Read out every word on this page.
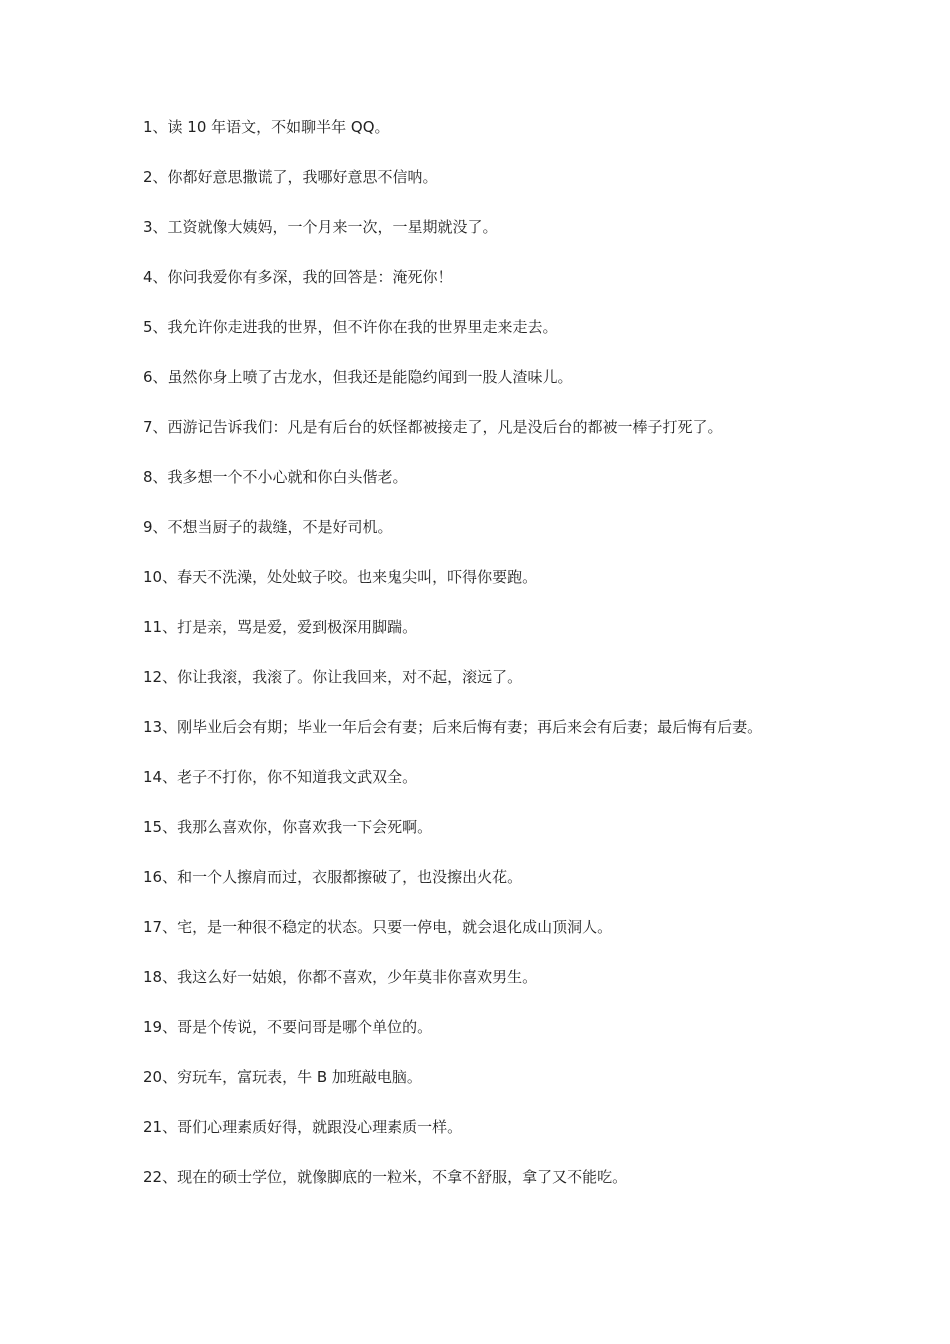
1、读 10 年语文，不如聊半年 QQ。

2、你都好意思撒谎了，我哪好意思不信呐。

3、工资就像大姨妈，一个月来一次，一星期就没了。

4、你问我爱你有多深，我的回答是：淹死你！

5、我允许你走进我的世界，但不许你在我的世界里走来走去。

6、虽然你身上喷了古龙水，但我还是能隐约闻到一股人渣味儿。

7、西游记告诉我们：凡是有后台的妖怪都被接走了，凡是没后台的都被一棒子打死了。

8、我多想一个不小心就和你白头偕老。

9、不想当厨子的裁缝，不是好司机。

10、春天不洗澡，处处蚊子咬。也来鬼尖叫，吓得你要跑。

11、打是亲，骂是爱，爱到极深用脚踹。

12、你让我滚，我滚了。你让我回来，对不起，滚远了。

13、刚毕业后会有期；毕业一年后会有妻；后来后悔有妻；再后来会有后妻；最后悔有后妻。

14、老子不打你，你不知道我文武双全。

15、我那么喜欢你，你喜欢我一下会死啊。

16、和一个人擦肩而过，衣服都擦破了，也没擦出火花。

17、宅，是一种很不稳定的状态。只要一停电，就会退化成山顶洞人。

18、我这么好一姑娘，你都不喜欢，少年莫非你喜欢男生。

19、哥是个传说，不要问哥是哪个单位的。

20、穷玩车，富玩表，牛 B 加班敲电脑。

21、哥们心理素质好得，就跟没心理素质一样。

22、现在的硕士学位，就像脚底的一粒米，不拿不舒服，拿了又不能吃。
